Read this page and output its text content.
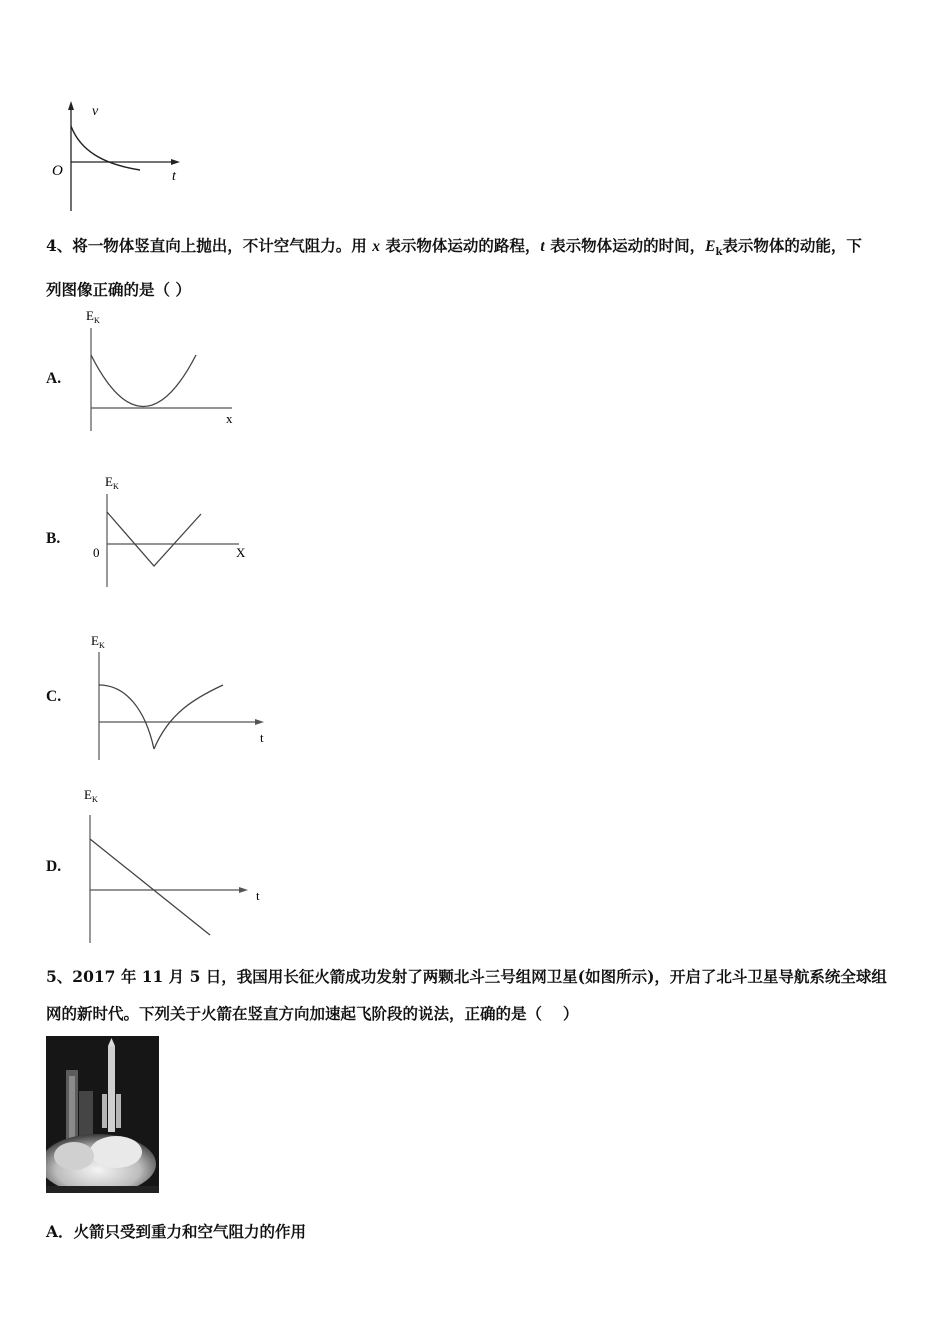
v
O	t
4、将一物体竖直向上抛出，不计空气阻力。用 x 表示物体运动的路程，t 表示物体运动的时间，$E_k$表示物体的动能，下
列图像正确的是（ ）
A.
$E_K$
x
B.
$E_K$
0	X
C.
$E_K$
t
D.
$E_K$
t
5、2017 年 11 月 5 日，我国用长征火箭成功发射了两颗北斗三号组网卫星(如图所示)，开启了北斗卫星导航系统全球组
网的新时代。下列关于火箭在竖直方向加速起飞阶段的说法，正确的是（　 ）
A．火箭只受到重力和空气阻力的作用
